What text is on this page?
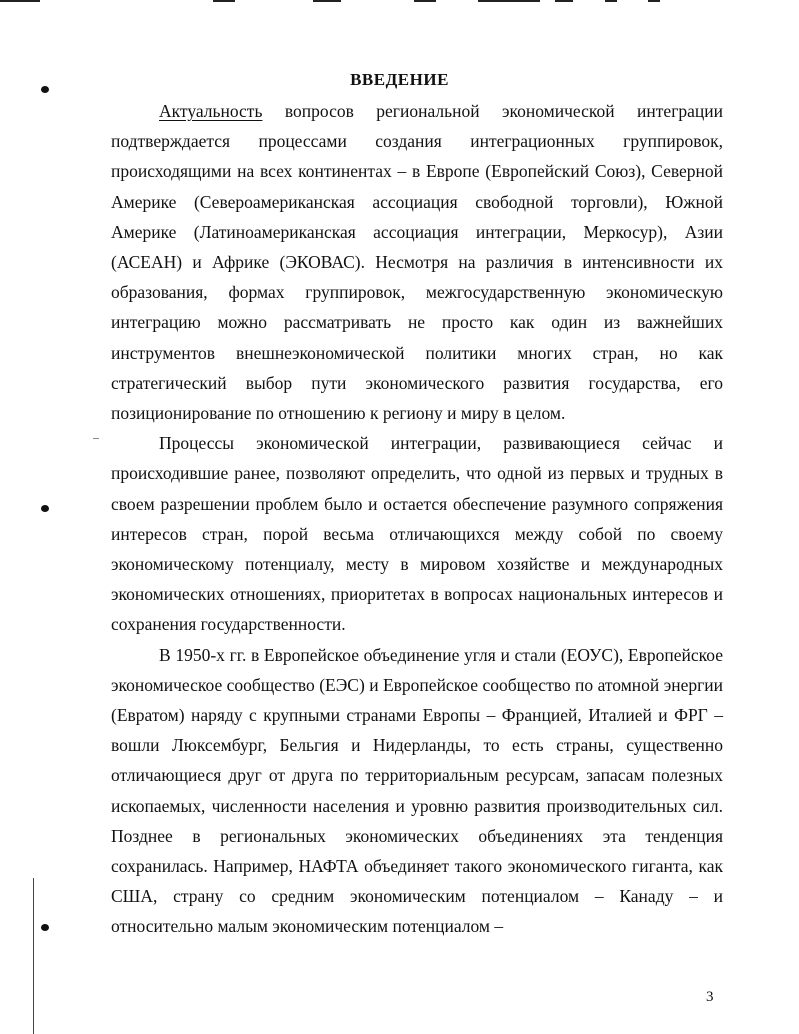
ВВЕДЕНИЕ

Актуальность вопросов региональной экономической интеграции подтверждается процессами создания интеграционных группировок, происходящими на всех континентах – в Европе (Европейский Союз), Северной Америке (Североамериканская ассоциация свободной торговли), Южной Америке (Латиноамериканская ассоциация интеграции, Меркосур), Азии (АСЕАН) и Африке (ЭКОВАС). Несмотря на различия в интенсивности их образования, формах группировок, межгосударственную экономическую интеграцию можно рассматривать не просто как один из важнейших инструментов внешнеэкономической политики многих стран, но как стратегический выбор пути экономического развития государства, его позиционирование по отношению к региону и миру в целом.

Процессы экономической интеграции, развивающиеся сейчас и происходившие ранее, позволяют определить, что одной из первых и трудных в своем разрешении проблем было и остается обеспечение разумного сопряжения интересов стран, порой весьма отличающихся между собой по своему экономическому потенциалу, месту в мировом хозяйстве и международных экономических отношениях, приоритетах в вопросах национальных интересов и сохранения государственности.

В 1950-х гг. в Европейское объединение угля и стали (ЕОУС), Европейское экономическое сообщество (ЕЭС) и Европейское сообщество по атомной энергии (Евратом) наряду с крупными странами Европы – Францией, Италией и ФРГ – вошли Люксембург, Бельгия и Нидерланды, то есть страны, существенно отличающиеся друг от друга по территориальным ресурсам, запасам полезных ископаемых, численности населения и уровню развития производительных сил. Позднее в региональных экономических объединениях эта тенденция сохранилась. Например, НАФТА объединяет такого экономического гиганта, как США, страну со средним экономическим потенциалом – Канаду – и относительно малым экономическим потенциалом –

3
